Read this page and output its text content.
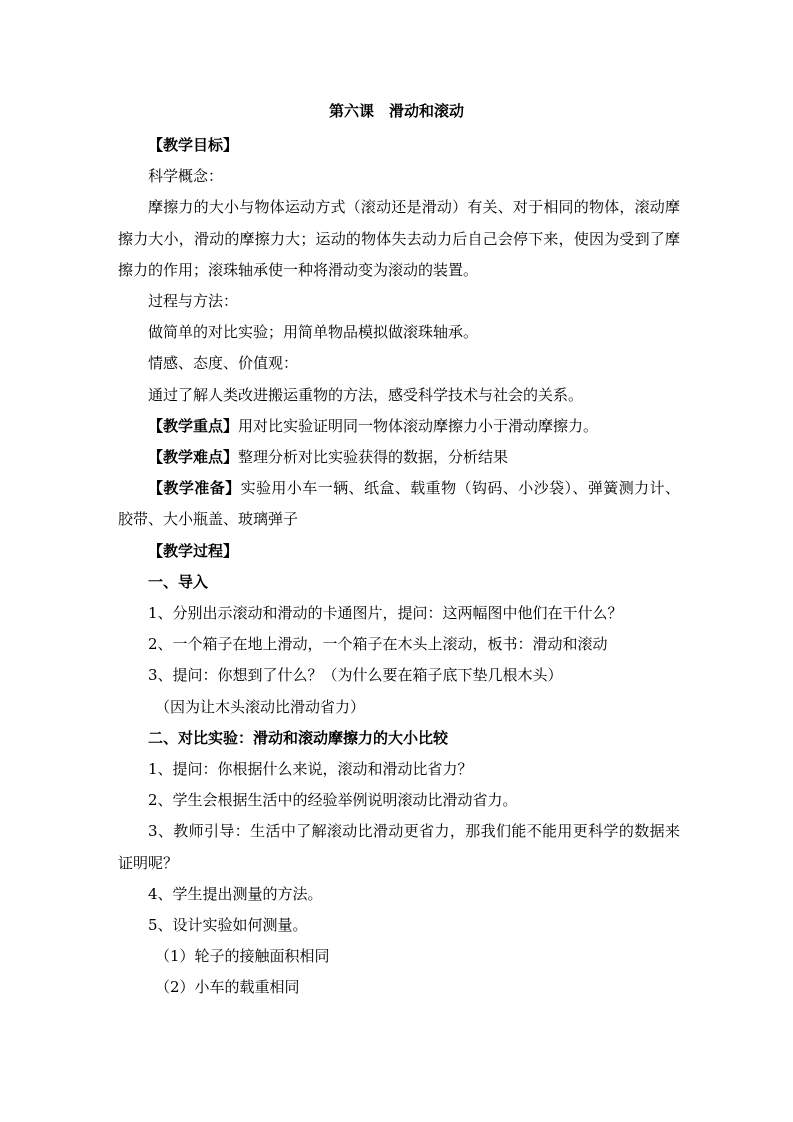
第六课　滑动和滚动

【教学目标】

科学概念：

摩擦力的大小与物体运动方式（滚动还是滑动）有关、对于相同的物体，滚动摩擦力大小，滑动的摩擦力大；运动的物体失去动力后自己会停下来，使因为受到了摩擦力的作用；滚珠轴承使一种将滑动变为滚动的装置。

过程与方法：

做简单的对比实验；用简单物品模拟做滚珠轴承。

情感、态度、价值观：

通过了解人类改进搬运重物的方法，感受科学技术与社会的关系。

【教学重点】用对比实验证明同一物体滚动摩擦力小于滑动摩擦力。

【教学难点】整理分析对比实验获得的数据，分析结果

【教学准备】实验用小车一辆、纸盒、载重物（钩码、小沙袋）、弹簧测力计、胶带、大小瓶盖、玻璃弹子

【教学过程】

一、导入

1、分别出示滚动和滑动的卡通图片，提问：这两幅图中他们在干什么？

2、一个箱子在地上滑动，一个箱子在木头上滚动，板书：滑动和滚动

3、提问：你想到了什么？（为什么要在箱子底下垫几根木头）

（因为让木头滚动比滑动省力）

二、对比实验：滑动和滚动摩擦力的大小比较

1、提问：你根据什么来说，滚动和滑动比省力？

2、学生会根据生活中的经验举例说明滚动比滑动省力。

3、教师引导：生活中了解滚动比滑动更省力，那我们能不能用更科学的数据来证明呢？

4、学生提出测量的方法。

5、设计实验如何测量。

（1）轮子的接触面积相同

（2）小车的载重相同
